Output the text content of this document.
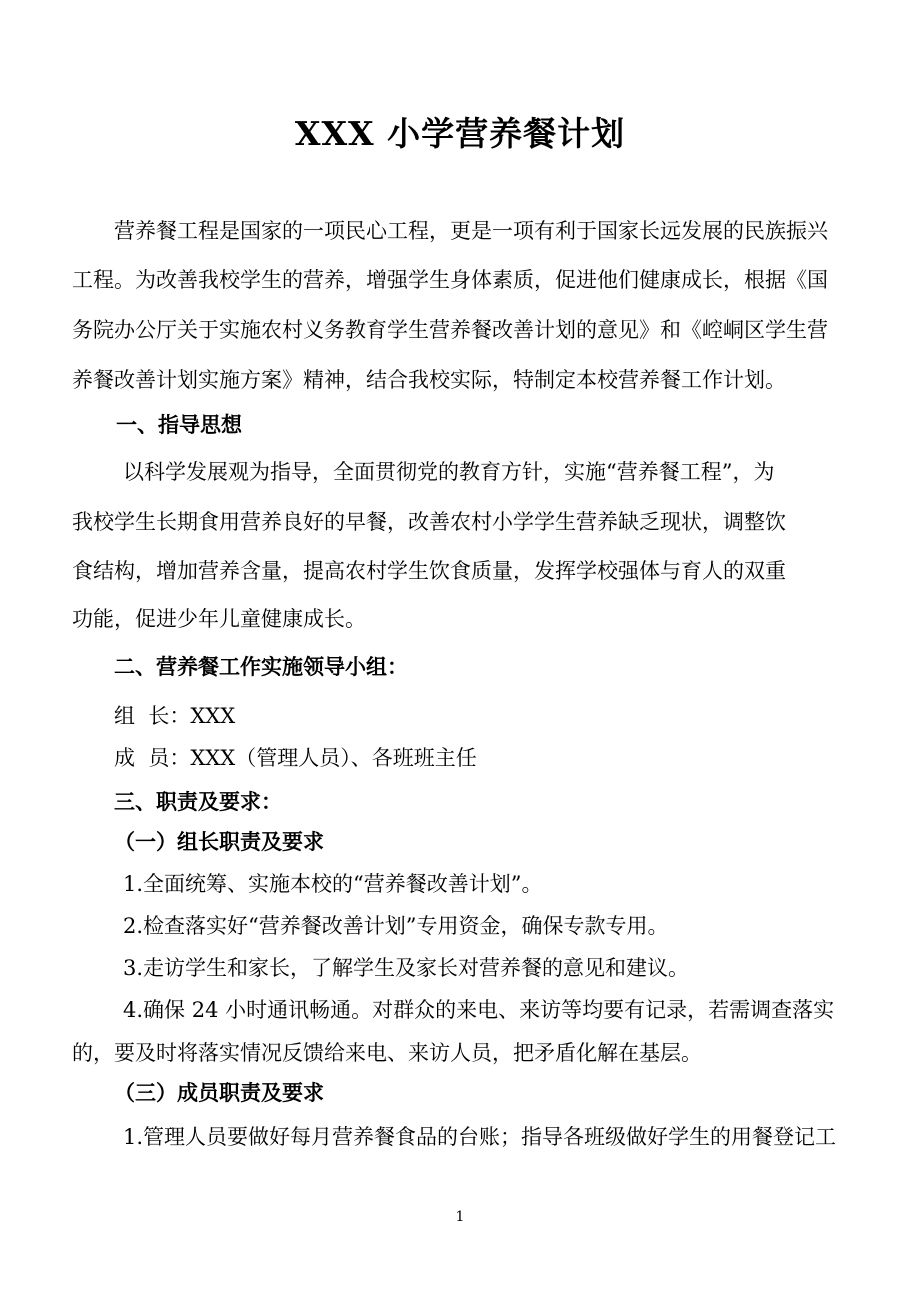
XXX 小学营养餐计划
营养餐工程是国家的一项民心工程，更是一项有利于国家长远发展的民族振兴
工程。为改善我校学生的营养，增强学生身体素质，促进他们健康成长，根据《国
务院办公厅关于实施农村义务教育学生营养餐改善计划的意见》和《崆峒区学生营
养餐改善计划实施方案》精神，结合我校实际，特制定本校营养餐工作计划。
一、指导思想
以科学发展观为指导，全面贯彻党的教育方针，实施“营养餐工程”，为
我校学生长期食用营养良好的早餐，改善农村小学学生营养缺乏现状，调整饮
食结构，增加营养含量，提高农村学生饮食质量，发挥学校强体与育人的双重
功能，促进少年儿童健康成长。
二、营养餐工作实施领导小组：
组  长：XXX
成  员：XXX（管理人员）、各班班主任
三、职责及要求：
（一）组长职责及要求
1.全面统筹、实施本校的“营养餐改善计划”。
2.检查落实好“营养餐改善计划”专用资金，确保专款专用。
3.走访学生和家长，了解学生及家长对营养餐的意见和建议。
4.确保 24 小时通讯畅通。对群众的来电、来访等均要有记录，若需调查落实
的，要及时将落实情况反馈给来电、来访人员，把矛盾化解在基层。
（三）成员职责及要求
1.管理人员要做好每月营养餐食品的台账；指导各班级做好学生的用餐登记工
1
